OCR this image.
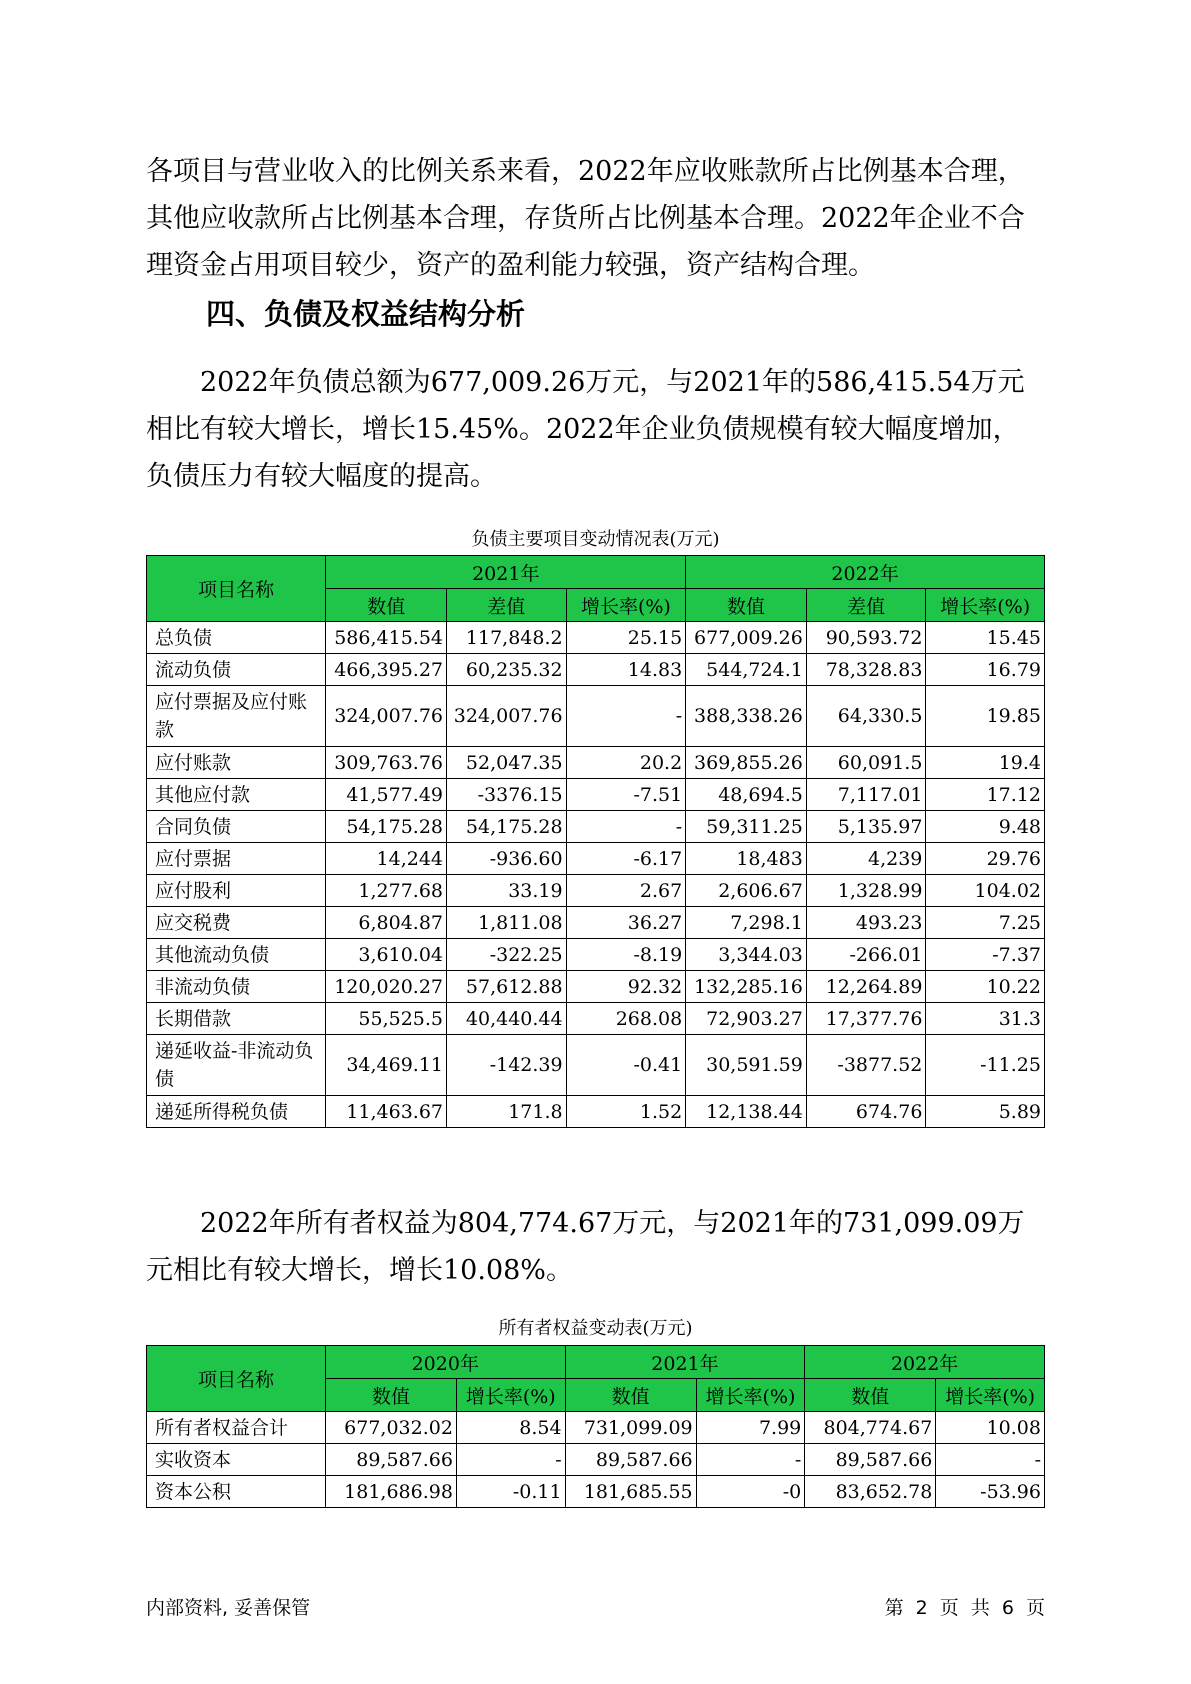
各项目与营业收入的比例关系来看，2022年应收账款所占比例基本合理，其他应收款所占比例基本合理，存货所占比例基本合理。2022年企业不合理资金占用项目较少，资产的盈利能力较强，资产结构合理。

四、负债及权益结构分析

2022年负债总额为677,009.26万元，与2021年的586,415.54万元相比有较大增长，增长15.45%。2022年企业负债规模有较大幅度增加，负债压力有较大幅度的提高。

负债主要项目变动情况表(万元)
项目名称	2021年			2022年		
	数值	差值	增长率(%)	数值	差值	增长率(%)
总负债	586,415.54	117,848.2	25.15	677,009.26	90,593.72	15.45
流动负债	466,395.27	60,235.32	14.83	544,724.1	78,328.83	16.79
应付票据及应付账款	324,007.76	324,007.76	-	388,338.26	64,330.5	19.85
应付账款	309,763.76	52,047.35	20.2	369,855.26	60,091.5	19.4
其他应付款	41,577.49	-3376.15	-7.51	48,694.5	7,117.01	17.12
合同负债	54,175.28	54,175.28	-	59,311.25	5,135.97	9.48
应付票据	14,244	-936.60	-6.17	18,483	4,239	29.76
应付股利	1,277.68	33.19	2.67	2,606.67	1,328.99	104.02
应交税费	6,804.87	1,811.08	36.27	7,298.1	493.23	7.25
其他流动负债	3,610.04	-322.25	-8.19	3,344.03	-266.01	-7.37
非流动负债	120,020.27	57,612.88	92.32	132,285.16	12,264.89	10.22
长期借款	55,525.5	40,440.44	268.08	72,903.27	17,377.76	31.3
递延收益-非流动负债	34,469.11	-142.39	-0.41	30,591.59	-3877.52	-11.25
递延所得税负债	11,463.67	171.8	1.52	12,138.44	674.76	5.89

2022年所有者权益为804,774.67万元，与2021年的731,099.09万元相比有较大增长，增长10.08%。

所有者权益变动表(万元)
项目名称	2020年		2021年		2022年	
	数值	增长率(%)	数值	增长率(%)	数值	增长率(%)
所有者权益合计	677,032.02	8.54	731,099.09	7.99	804,774.67	10.08
实收资本	89,587.66	-	89,587.66	-	89,587.66	-
资本公积	181,686.98	-0.11	181,685.55	-0	83,652.78	-53.96
内部资料, 妥善保管	第 2 页 共 6 页
